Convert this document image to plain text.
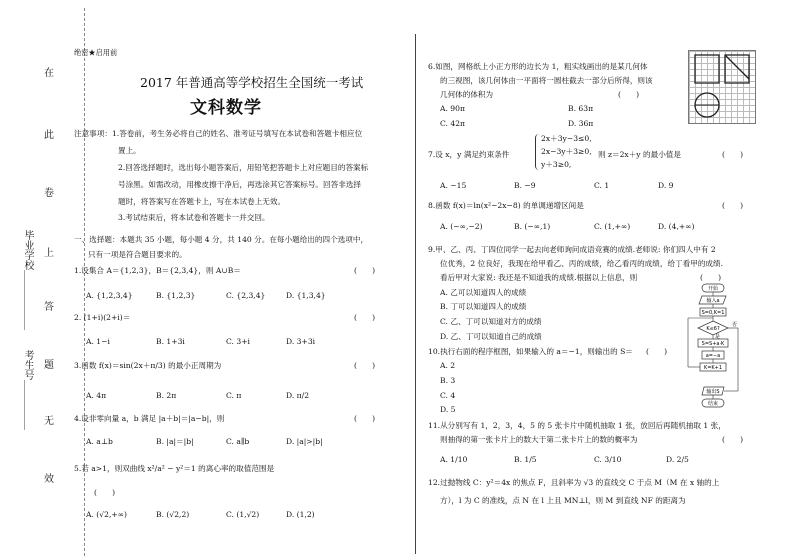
在
此
卷
上
答
题
无
效
毕业学校＿＿＿＿＿＿
考生号＿＿＿＿＿
绝密★启用前
2017 年普通高等学校招生全国统一考试
文科数学
注意事项：1.答卷前，考生务必将自己的姓名、准考证号填写在本试卷和答题卡相应位
置上。
2.回答选择题时，选出每小题答案后，用铅笔把答题卡上对应题目的答案标
号涂黑。如需改动，用橡皮擦干净后，再选涂其它答案标号。回答非选择
题时，将答案写在答题卡上，写在本试卷上无效。
3.考试结束后，将本试卷和答题卡一并交回。
一、选择题：本题共 35 小题，每小题 4 分，共 140 分。在每小题给出的四个选项中，
只有一项是符合题目要求的。
1.设集合 A＝{1,2,3}，B＝{2,3,4}，则 A∪B＝	(　　)
A. {1,2,3,4}	B. {1,2,3}	C. {2,3,4}	D. {1,3,4}
2. (1+i)(2+i)＝	(　　)
A. 1−i	B. 1+3i	C. 3+i	D. 3+3i
3.函数 f(x)＝sin(2x＋π/3) 的最小正周期为	(　　)
A. 4π	B. 2π	C. π	D. π/2
4.设非零向量 a，b 满足 |a＋b|＝|a−b|，则	(　　)
A. a⊥b	B. |a|＝|b|	C. a∥b	D. |a|>|b|
5.若 a>1，则双曲线 x²/a² − y²＝1 的离心率的取值范围是
(　　)
A. (√2,+∞)	B. (√2,2)	C. (1,√2)	D. (1,2)
6.如图，网格纸上小正方形的边长为 1，粗实线画出的是某几何体
的三视图，该几何体由一平面将一圆柱截去一部分后所得，则该
几何体的体积为	(　　)
A. 90π	B. 63π
C. 42π	D. 36π
7.设 x，y 满足约束条件
2x＋3y−3≤0,
2x−3y＋3≥0,
y＋3≥0,
则 z＝2x＋y 的最小值是	(　　)
A. −15	B. −9	C. 1	D. 9
8.函数 f(x)＝ln(x²−2x−8) 的单调递增区间是	(　　)
A. (−∞,−2)	B. (−∞,1)	C. (1,+∞)	D. (4,+∞)
9.甲、乙、丙、丁四位同学一起去向老师询问成语竞赛的成绩.老师说: 你们四人中有 2
位优秀，2 位良好，我现在给甲看乙、丙的成绩，给乙看丙的成绩，给丁看甲的成绩.
看后甲对大家说: 我还是不知道我的成绩.根据以上信息，则	(　　)
A. 乙可以知道四人的成绩
B. 丁可以知道四人的成绩
C. 乙、丁可以知道对方的成绩
D. 乙、丁可以知道自己的成绩
10.执行右面的程序框图，如果输入的 a＝−1，则输出的 S＝ (　　)
A. 2
B. 3
C. 4
D. 5
开始
输入a
S=0,K=1
K≤6?
否
是
S=S+a·K
a=−a
K=K+1
输出S
结束
11.从分别写有 1，2，3，4，5 的 5 张卡片中随机抽取 1 张，放回后再随机抽取 1 张，
则抽得的第一张卡片上的数大于第二张卡片上的数的概率为	(　　)
A. 1/10	B. 1/5	C. 3/10	D. 2/5
12.过抛物线 C：y²＝4x 的焦点 F，且斜率为 √3 的直线交 C 于点 M（M 在 x 轴的上
方），l 为 C 的准线，点 N 在 l 上且 MN⊥l，则 M 到直线 NF 的距离为
